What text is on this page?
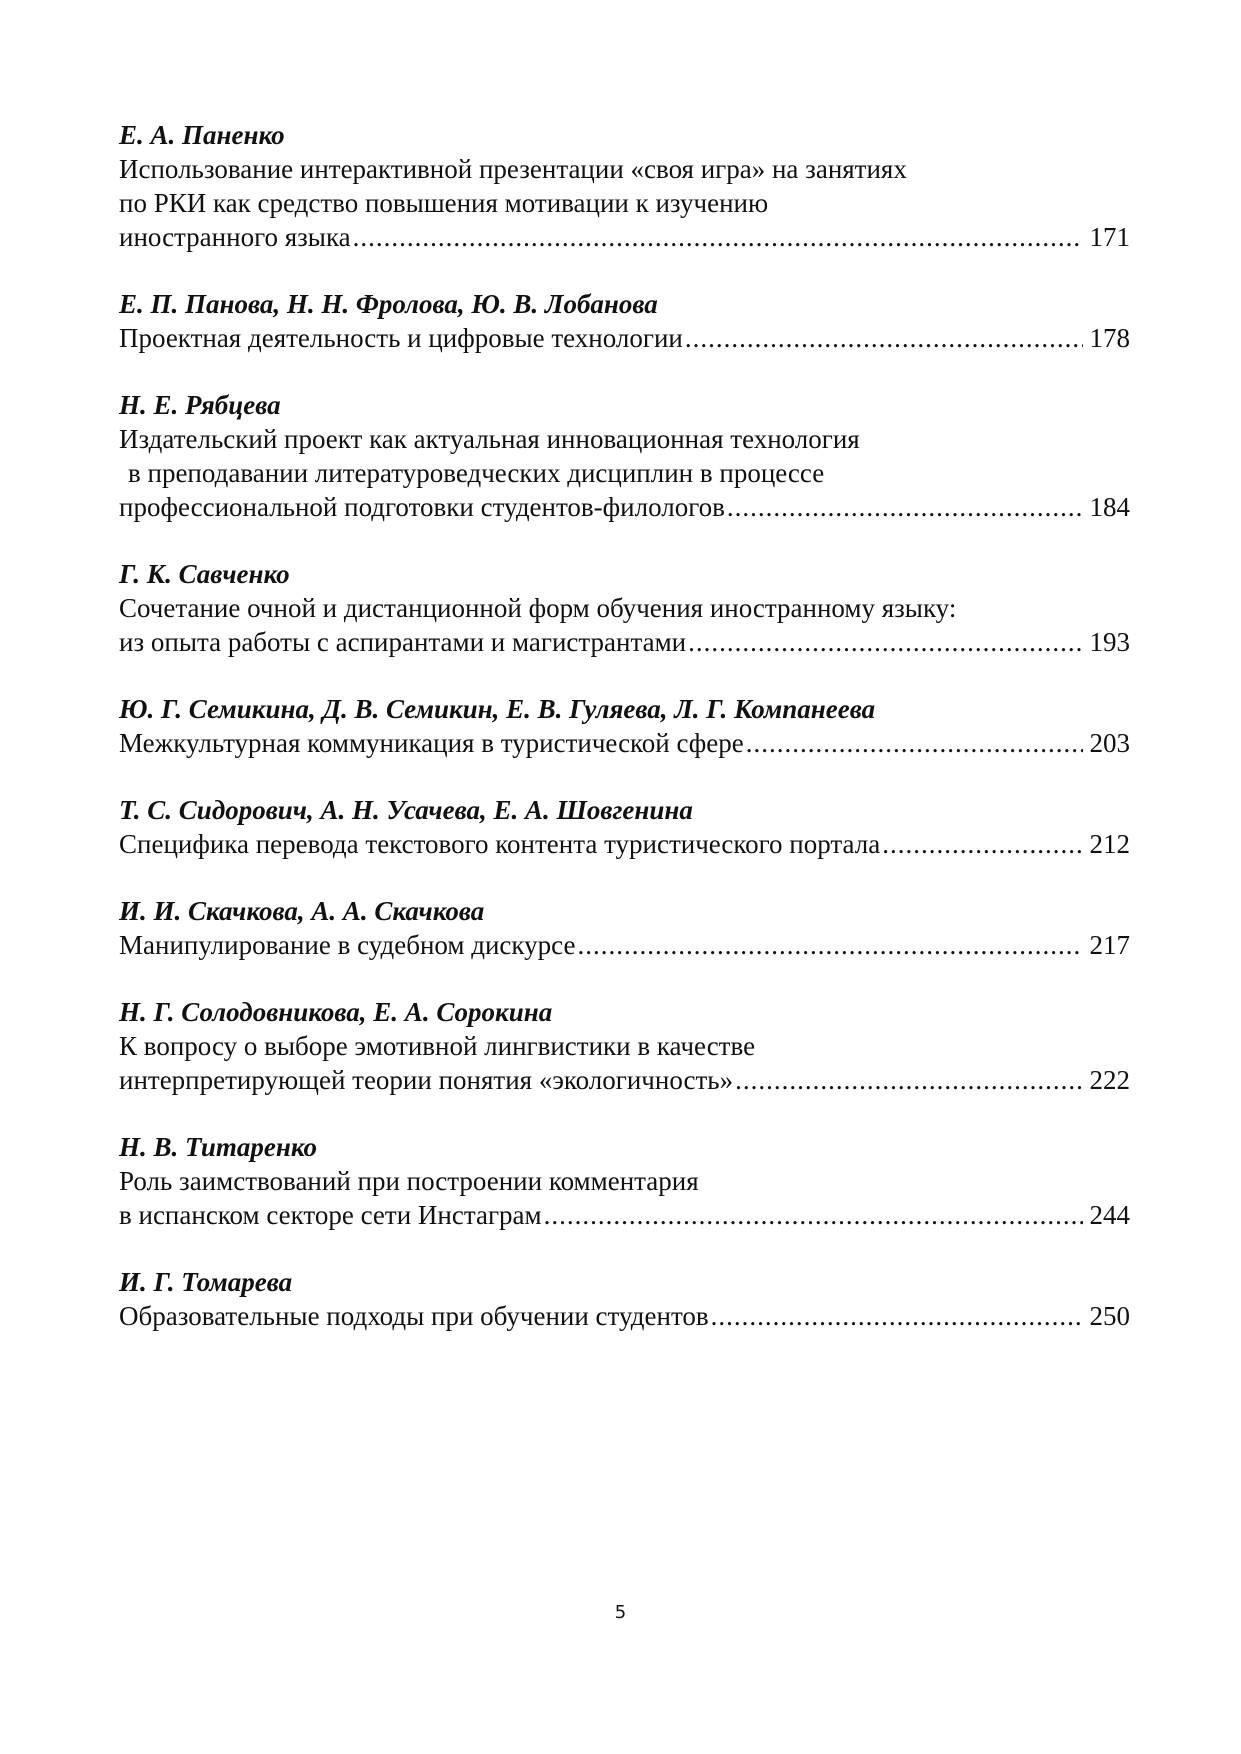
Е. А. Паненко
Использование интерактивной презентации «своя игра» на занятиях
по РКИ как средство повышения мотивации к изучению
иностранного языка .....	171
Е. П. Панова, Н. Н. Фролова, Ю. В. Лобанова
Проектная деятельность и цифровые технологии .....	178
Н. Е. Рябцева
Издательский проект как актуальная инновационная технология
в преподавании литературоведческих дисциплин в процессе
профессиональной подготовки студентов-филологов .....	184
Г. К. Савченко
Сочетание очной и дистанционной форм обучения иностранному языку:
из опыта работы с аспирантами и магистрантами .....	193
Ю. Г. Семикина, Д. В. Семикин, Е. В. Гуляева, Л. Г. Компанеева
Межкультурная коммуникация в туристической сфере .....	203
Т. С. Сидорович, А. Н. Усачева, Е. А. Шовгенина
Специфика перевода текстового контента туристического портала .....	212
И. И. Скачкова, А. А. Скачкова
Манипулирование в судебном дискурсе .....	217
Н. Г. Солодовникова, Е. А. Сорокина
К вопросу о выборе эмотивной лингвистики в качестве
интерпретирующей теории понятия «экологичность» .....	222
Н. В. Титаренко
Роль заимствований при построении комментария
в испанском секторе сети Инстаграм .....	244
И. Г. Томарева
Образовательные подходы при обучении студентов .....	250
5
